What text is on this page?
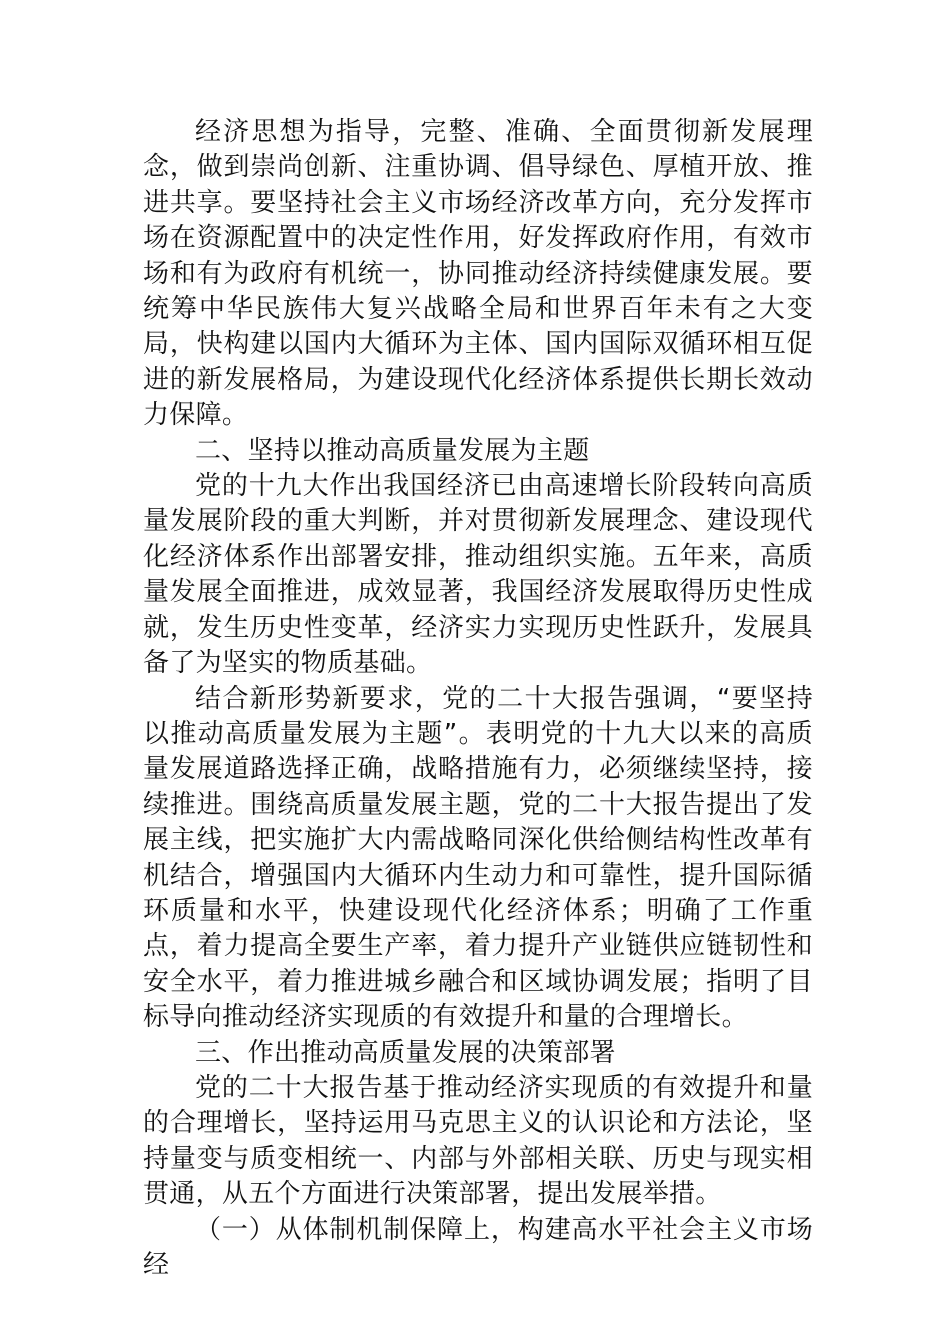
经济思想为指导，完整、准确、全面贯彻新发展理念，做到崇尚创新、注重协调、倡导绿色、厚植开放、推进共享。要坚持社会主义市场经济改革方向，充分发挥市场在资源配置中的决定性作用，好发挥政府作用，有效市场和有为政府有机统一，协同推动经济持续健康发展。要统筹中华民族伟大复兴战略全局和世界百年未有之大变局，快构建以国内大循环为主体、国内国际双循环相互促进的新发展格局，为建设现代化经济体系提供长期长效动力保障。

二、坚持以推动高质量发展为主题

党的十九大作出我国经济已由高速增长阶段转向高质量发展阶段的重大判断，并对贯彻新发展理念、建设现代化经济体系作出部署安排，推动组织实施。五年来，高质量发展全面推进，成效显著，我国经济发展取得历史性成就，发生历史性变革，经济实力实现历史性跃升，发展具备了为坚实的物质基础。

结合新形势新要求，党的二十大报告强调，“要坚持以推动高质量发展为主题”。表明党的十九大以来的高质量发展道路选择正确，战略措施有力，必须继续坚持，接续推进。围绕高质量发展主题，党的二十大报告提出了发展主线，把实施扩大内需战略同深化供给侧结构性改革有机结合，增强国内大循环内生动力和可靠性，提升国际循环质量和水平，快建设现代化经济体系；明确了工作重点，着力提高全要生产率，着力提升产业链供应链韧性和安全水平，着力推进城乡融合和区域协调发展；指明了目标导向推动经济实现质的有效提升和量的合理增长。

三、作出推动高质量发展的决策部署

党的二十大报告基于推动经济实现质的有效提升和量的合理增长，坚持运用马克思主义的认识论和方法论，坚持量变与质变相统一、内部与外部相关联、历史与现实相贯通，从五个方面进行决策部署，提出发展举措。

（一）从体制机制保障上，构建高水平社会主义市场经
